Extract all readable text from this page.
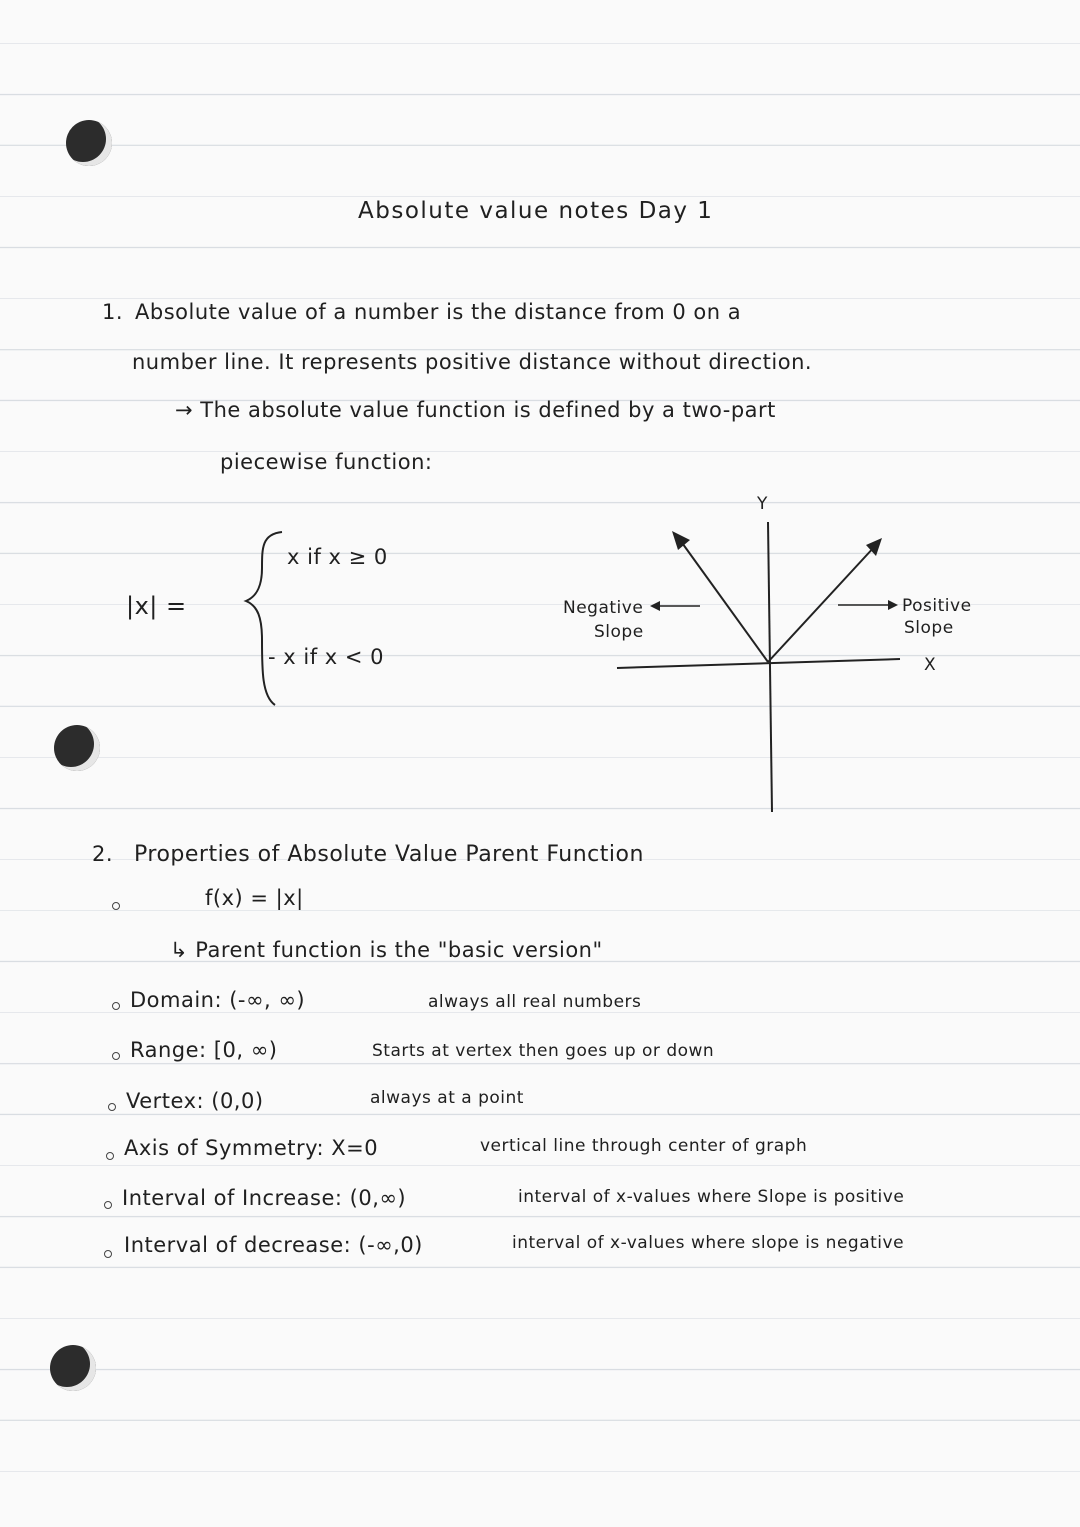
Absolute value notes Day 1
1. Absolute value of a number is the distance from 0 on a
number line. It represents positive distance without direction.
→ The absolute value function is defined by a two-part
piecewise function:
|x| =
x if x ≥ 0
- x if x < 0
Y
X
Negative
Slope
Positive
Slope
2. Properties of Absolute Value Parent Function
f(x) = |x|
↳ Parent function is the "basic version"
Domain: (-∞, ∞)	always all real numbers
Range: [0, ∞)	Starts at vertex then goes up or down
Vertex: (0,0)	always at a point
Axis of Symmetry: X=0	vertical line through center of graph
Interval of Increase: (0,∞)	interval of x-values where Slope is positive
Interval of decrease: (-∞,0)	interval of x-values where slope is negative
